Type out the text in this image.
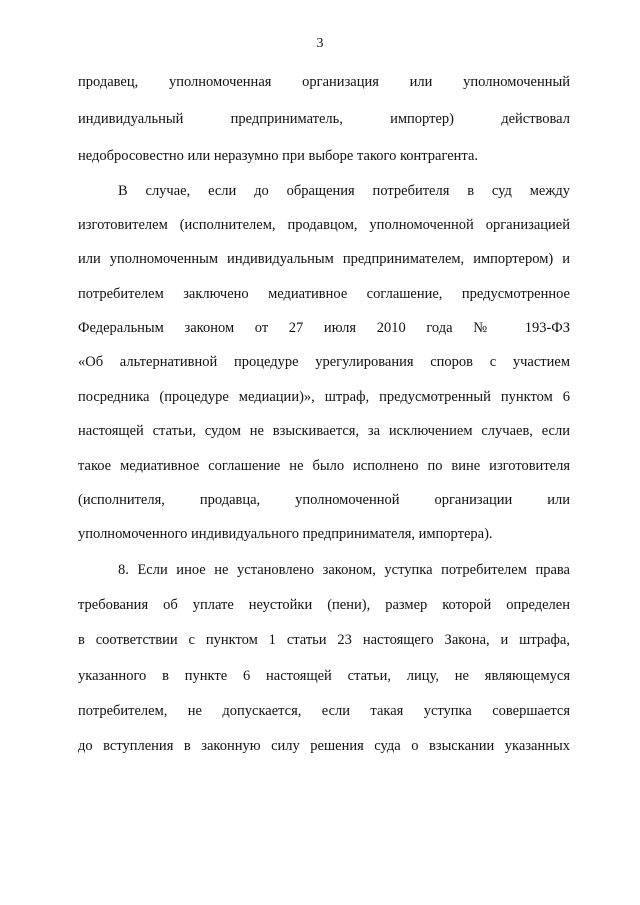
3
продавец, уполномоченная организация или уполномоченный
индивидуальный предприниматель, импортер) действовал
недобросовестно или неразумно при выборе такого контрагента.
В случае, если до обращения потребителя в суд между
изготовителем (исполнителем, продавцом, уполномоченной организацией
или уполномоченным индивидуальным предпринимателем, импортером) и
потребителем заключено медиативное соглашение, предусмотренное
Федеральным законом от 27 июля 2010 года № 193-ФЗ
«Об альтернативной процедуре урегулирования споров с участием
посредника (процедуре медиации)», штраф, предусмотренный пунктом 6
настоящей статьи, судом не взыскивается, за исключением случаев, если
такое медиативное соглашение не было исполнено по вине изготовителя
(исполнителя, продавца, уполномоченной организации или
уполномоченного индивидуального предпринимателя, импортера).
8. Если иное не установлено законом, уступка потребителем права
требования об уплате неустойки (пени), размер которой определен
в соответствии с пунктом 1 статьи 23 настоящего Закона, и штрафа,
указанного в пункте 6 настоящей статьи, лицу, не являющемуся
потребителем, не допускается, если такая уступка совершается
до вступления в законную силу решения суда о взыскании указанных
